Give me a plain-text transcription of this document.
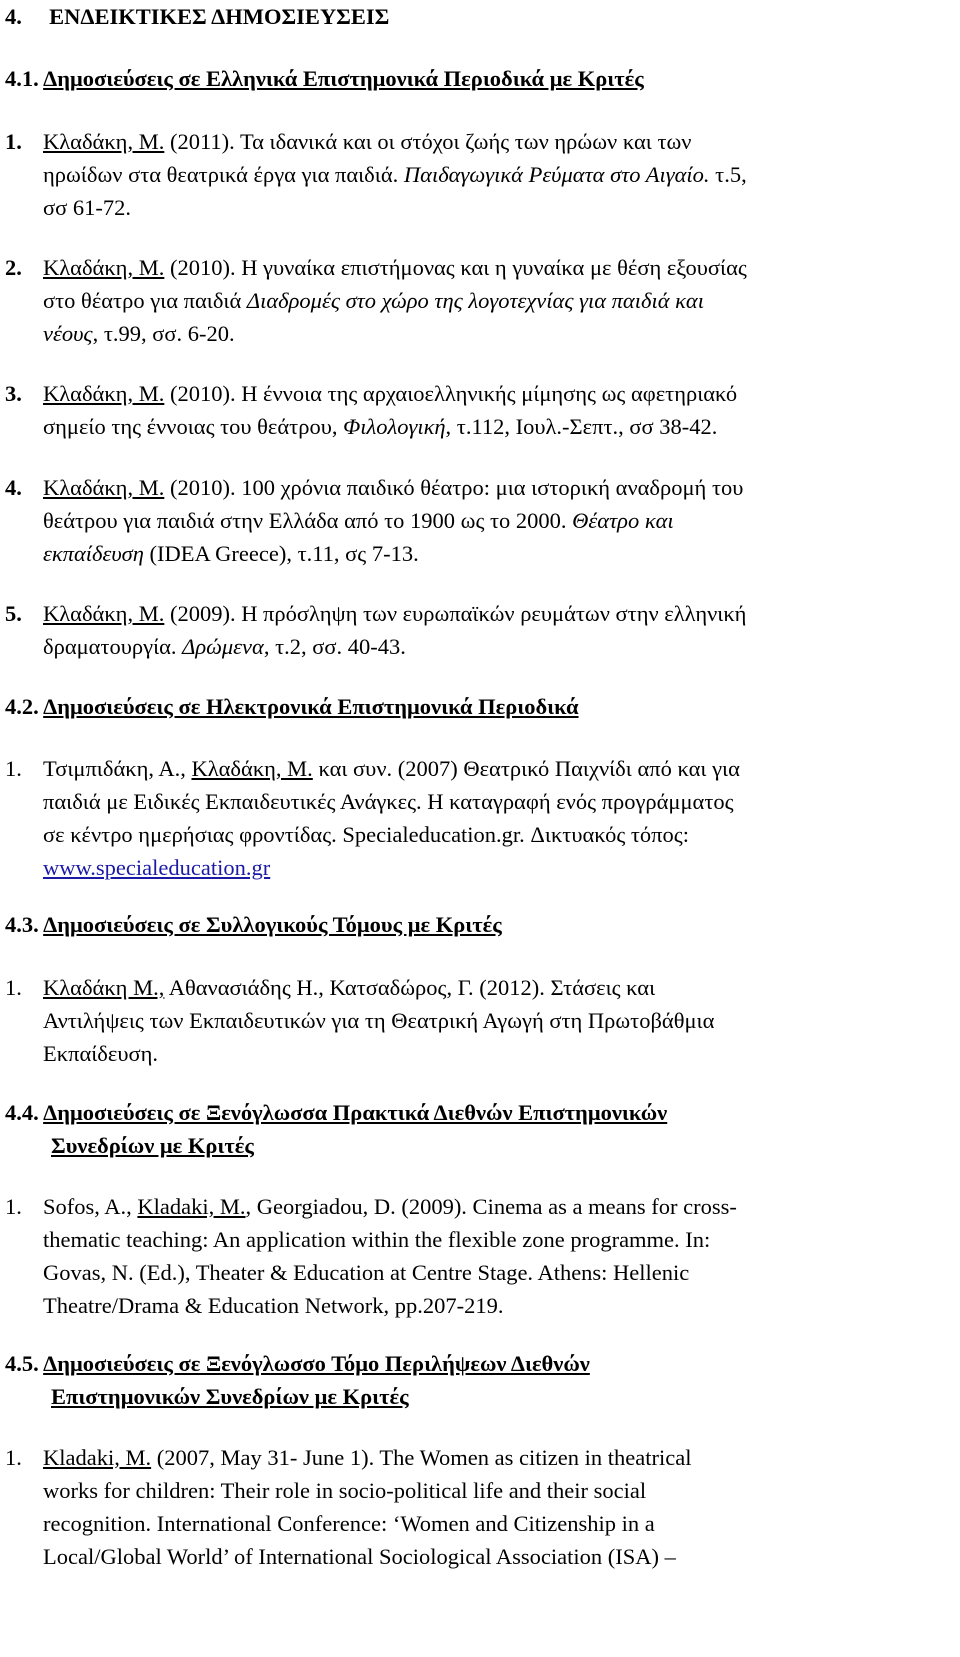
4. ΕΝΔΕΙΚΤΙΚΕΣ ΔΗΜΟΣΙΕΥΣΕΙΣ
4.1. Δημοσιεύσεις σε Ελληνικά Επιστημονικά Περιοδικά με Κριτές
1. Κλαδάκη, Μ. (2011). Τα ιδανικά και οι στόχοι ζωής των ηρώων και των
ηρωίδων στα θεατρικά έργα για παιδιά. Παιδαγωγικά Ρεύματα στο Αιγαίο. τ.5,
σσ 61-72.
2. Κλαδάκη, Μ. (2010). Η γυναίκα επιστήμονας και η γυναίκα με θέση εξουσίας
στο θέατρο για παιδιά Διαδρομές στο χώρο της λογοτεχνίας για παιδιά και
νέους, τ.99, σσ. 6-20.
3. Κλαδάκη, Μ. (2010). Η έννοια της αρχαιοελληνικής μίμησης ως αφετηριακό
σημείο της έννοιας του θεάτρου, Φιλολογική, τ.112, Ιουλ.-Σεπτ., σσ 38-42.
4. Κλαδάκη, Μ. (2010). 100 χρόνια παιδικό θέατρο: μια ιστορική αναδρομή του
θεάτρου για παιδιά στην Ελλάδα από το 1900 ως το 2000. Θέατρο και
εκπαίδευση (IDEA Greece), τ.11, σς 7-13.
5. Κλαδάκη, Μ. (2009). Η πρόσληψη των ευρωπαϊκών ρευμάτων στην ελληνική
δραματουργία. Δρώμενα, τ.2, σσ. 40-43.
4.2. Δημοσιεύσεις σε Ηλεκτρονικά Επιστημονικά Περιοδικά
1. Τσιμπιδάκη, Α., Κλαδάκη, Μ. και συν. (2007) Θεατρικό Παιχνίδι από και για
παιδιά με Ειδικές Εκπαιδευτικές Ανάγκες. Η καταγραφή ενός προγράμματος
σε κέντρο ημερήσιας φροντίδας. Specialeducation.gr. Δικτυακός τόπος:
www.specialeducation.gr
4.3. Δημοσιεύσεις σε Συλλογικούς Τόμους με Κριτές
1. Κλαδάκη Μ., Αθανασιάδης Η., Κατσαδώρος, Γ. (2012). Στάσεις και
Αντιλήψεις των Εκπαιδευτικών για τη Θεατρική Αγωγή στη Πρωτοβάθμια
Εκπαίδευση.
4.4. Δημοσιεύσεις σε Ξενόγλωσσα Πρακτικά Διεθνών Επιστημονικών
Συνεδρίων με Κριτές
1. Sofos, A., Kladaki, M., Georgiadou, D. (2009). Cinema as a means for cross-
thematic teaching: An application within the flexible zone programme. In:
Govas, N. (Ed.), Theater & Education at Centre Stage. Athens: Hellenic
Theatre/Drama & Education Network, pp.207-219.
4.5. Δημοσιεύσεις σε Ξενόγλωσσο Τόμο Περιλήψεων Διεθνών
Επιστημονικών Συνεδρίων με Κριτές
1. Kladaki, M. (2007, May 31- June 1). The Women as citizen in theatrical
works for children: Their role in socio-political life and their social
recognition. International Conference: ‘Women and Citizenship in a
Local/Global World’ of International Sociological Association (ISA) –
